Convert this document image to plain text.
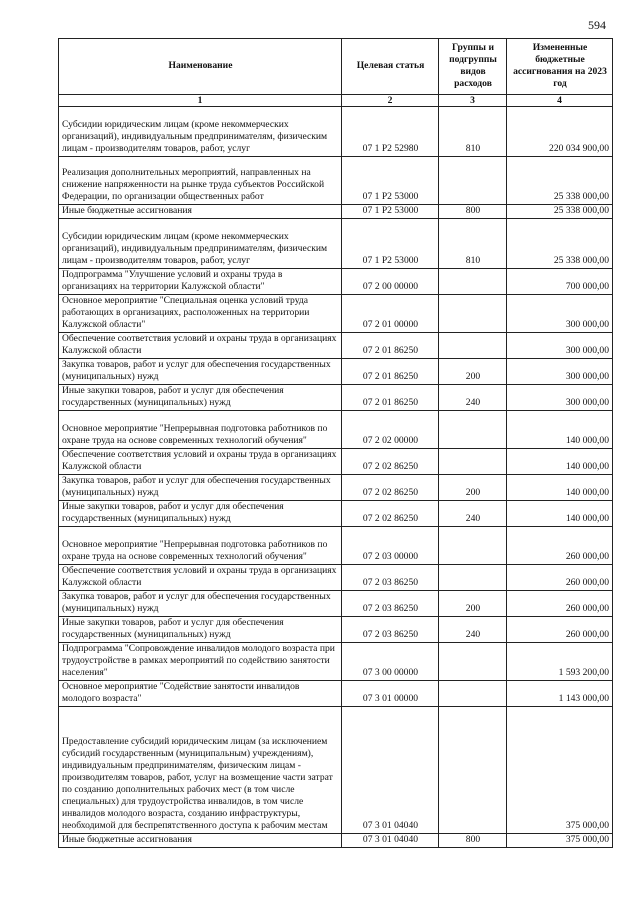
594
Наименование	Целевая статья	Группы и подгруппы видов расходов	Измененные бюджетные ассигнования на 2023 год
1	2	3	4
Субсидии юридическим лицам (кроме некоммерческих организаций), индивидуальным предпринимателям, физическим лицам - производителям товаров, работ, услуг	07 1 P2 52980	810	220 034 900,00
Реализация дополнительных мероприятий, направленных на снижение напряженности на рынке труда субъектов Российской Федерации, по организации общественных работ	07 1 P2 53000		25 338 000,00
Иные бюджетные ассигнования	07 1 P2 53000	800	25 338 000,00
Субсидии юридическим лицам (кроме некоммерческих организаций), индивидуальным предпринимателям, физическим лицам - производителям товаров, работ, услуг	07 1 P2 53000	810	25 338 000,00
Подпрограмма "Улучшение условий и охраны труда в организациях на территории Калужской области"	07 2 00 00000		700 000,00
Основное мероприятие "Специальная оценка условий труда работающих в организациях, расположенных на территории Калужской области"	07 2 01 00000		300 000,00
Обеспечение соответствия условий и охраны труда в организациях Калужской области	07 2 01 86250		300 000,00
Закупка товаров, работ и услуг для обеспечения государственных (муниципальных) нужд	07 2 01 86250	200	300 000,00
Иные закупки товаров, работ и услуг для обеспечения государственных (муниципальных) нужд	07 2 01 86250	240	300 000,00
Основное мероприятие "Непрерывная подготовка работников по охране труда на основе современных технологий обучения"	07 2 02 00000		140 000,00
Обеспечение соответствия условий и охраны труда в организациях Калужской области	07 2 02 86250		140 000,00
Закупка товаров, работ и услуг для обеспечения государственных (муниципальных) нужд	07 2 02 86250	200	140 000,00
Иные закупки товаров, работ и услуг для обеспечения государственных (муниципальных) нужд	07 2 02 86250	240	140 000,00
Основное мероприятие "Непрерывная подготовка работников по охране труда на основе современных технологий обучения"	07 2 03 00000		260 000,00
Обеспечение соответствия условий и охраны труда в организациях Калужской области	07 2 03 86250		260 000,00
Закупка товаров, работ и услуг для обеспечения государственных (муниципальных) нужд	07 2 03 86250	200	260 000,00
Иные закупки товаров, работ и услуг для обеспечения государственных (муниципальных) нужд	07 2 03 86250	240	260 000,00
Подпрограмма "Сопровождение инвалидов молодого возраста при трудоустройстве в рамках мероприятий по содействию занятости населения"	07 3 00 00000		1 593 200,00
Основное мероприятие "Содействие занятости инвалидов молодого возраста"	07 3 01 00000		1 143 000,00
Предоставление субсидий юридическим лицам (за исключением субсидий государственным (муниципальным) учреждениям), индивидуальным предпринимателям, физическим лицам - производителям товаров, работ, услуг на возмещение части затрат по созданию дополнительных рабочих мест (в том числе специальных) для трудоустройства инвалидов, в том числе инвалидов молодого возраста, созданию инфраструктуры, необходимой для беспрепятственного доступа к рабочим местам	07 3 01 04040		375 000,00
Иные бюджетные ассигнования	07 3 01 04040	800	375 000,00
